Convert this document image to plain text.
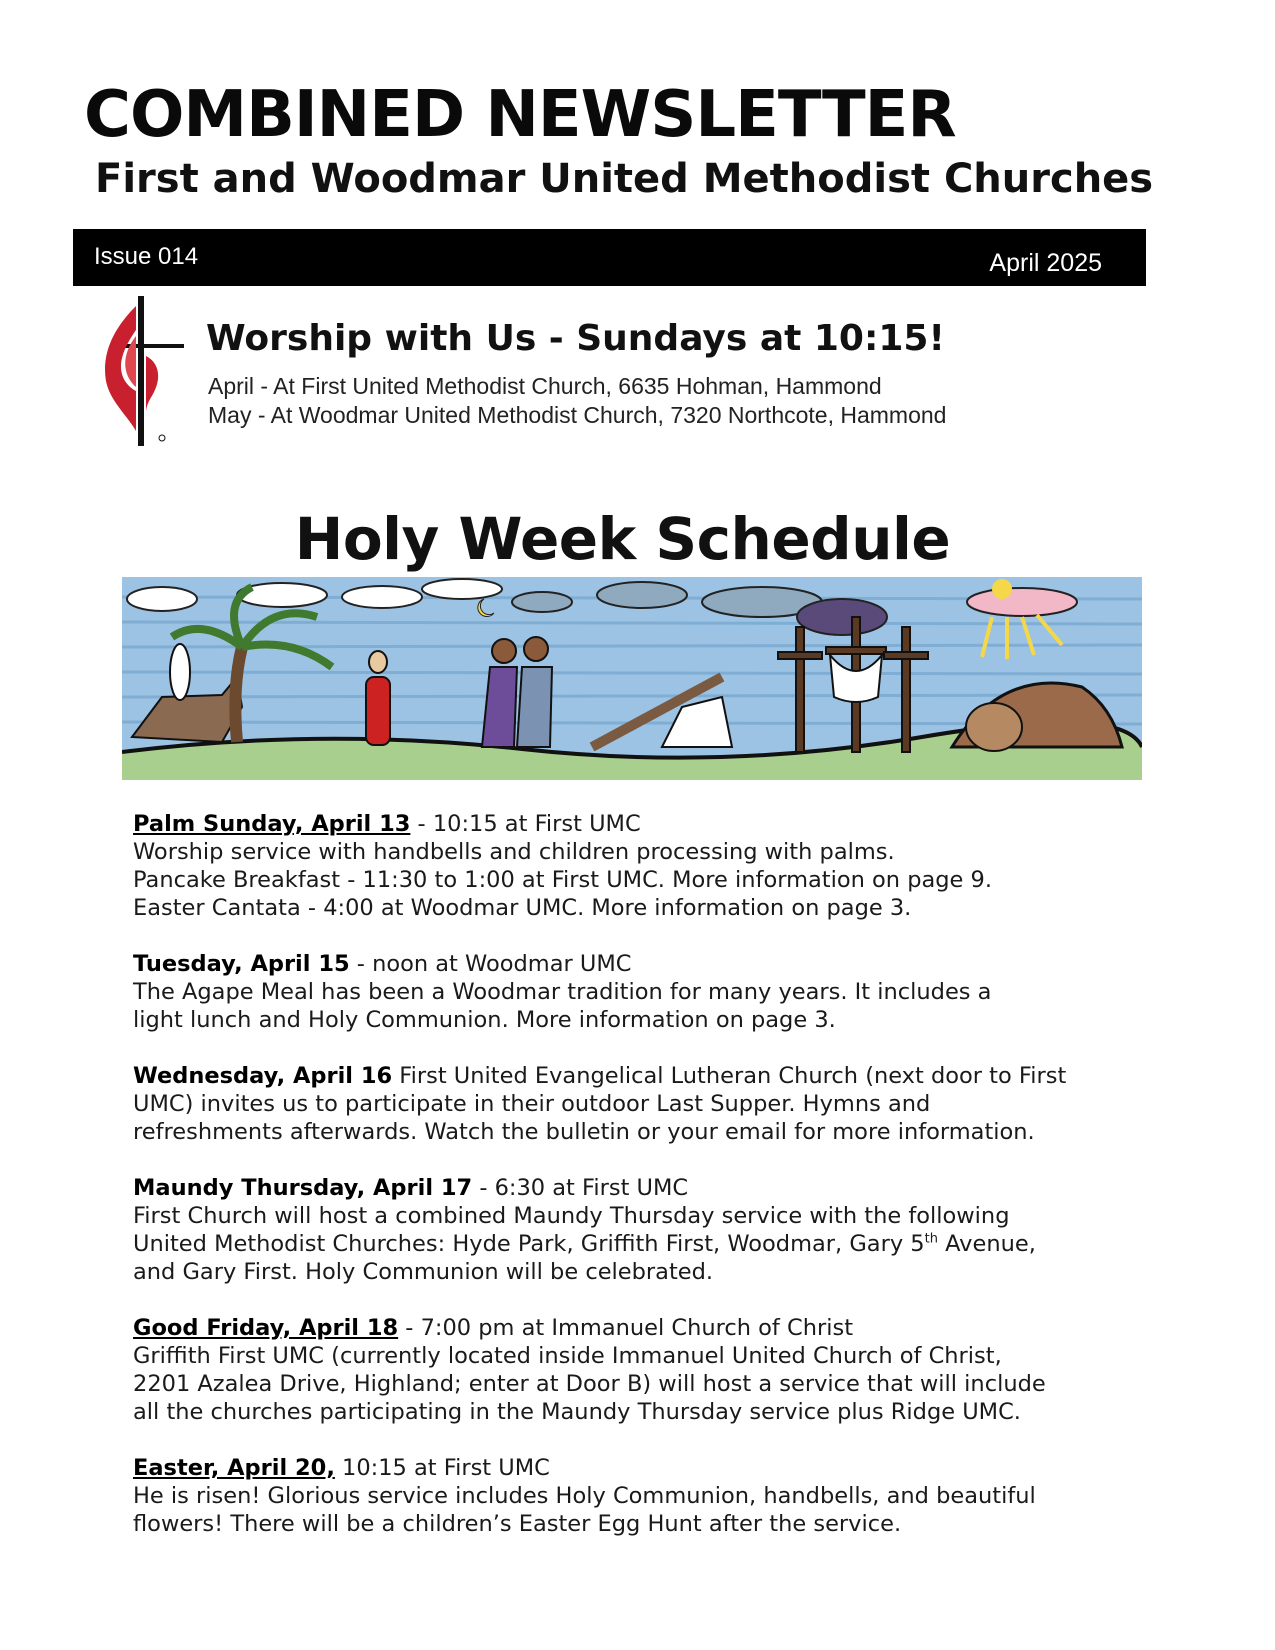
COMBINED NEWSLETTER
First and Woodmar United Methodist Churches
Issue 014	April 2025
Worship with Us - Sundays at 10:15!

April - At First United Methodist Church, 6635 Hohman, Hammond

May - At Woodmar United Methodist Church, 7320 Northcote, Hammond

Holy Week Schedule
Palm Sunday, April 13 - 10:15 at First UMC
Worship service with handbells and children processing with palms.
Pancake Breakfast - 11:30 to 1:00 at First UMC. More information on page 9.
Easter Cantata - 4:00 at Woodmar UMC. More information on page 3.
Tuesday, April 15 - noon at Woodmar UMC
The Agape Meal has been a Woodmar tradition for many years. It includes a
light lunch and Holy Communion. More information on page 3.
Wednesday, April 16 First United Evangelical Lutheran Church (next door to First
UMC) invites us to participate in their outdoor Last Supper. Hymns and
refreshments afterwards. Watch the bulletin or your email for more information.
Maundy Thursday, April 17 - 6:30 at First UMC
First Church will host a combined Maundy Thursday service with the following
United Methodist Churches: Hyde Park, Griffith First, Woodmar, Gary 5th Avenue,
and Gary First. Holy Communion will be celebrated.
Good Friday, April 18 - 7:00 pm at Immanuel Church of Christ
Griffith First UMC (currently located inside Immanuel United Church of Christ,
2201 Azalea Drive, Highland; enter at Door B) will host a service that will include
all the churches participating in the Maundy Thursday service plus Ridge UMC.
Easter, April 20, 10:15 at First UMC
He is risen! Glorious service includes Holy Communion, handbells, and beautiful
flowers! There will be a children’s Easter Egg Hunt after the service.
